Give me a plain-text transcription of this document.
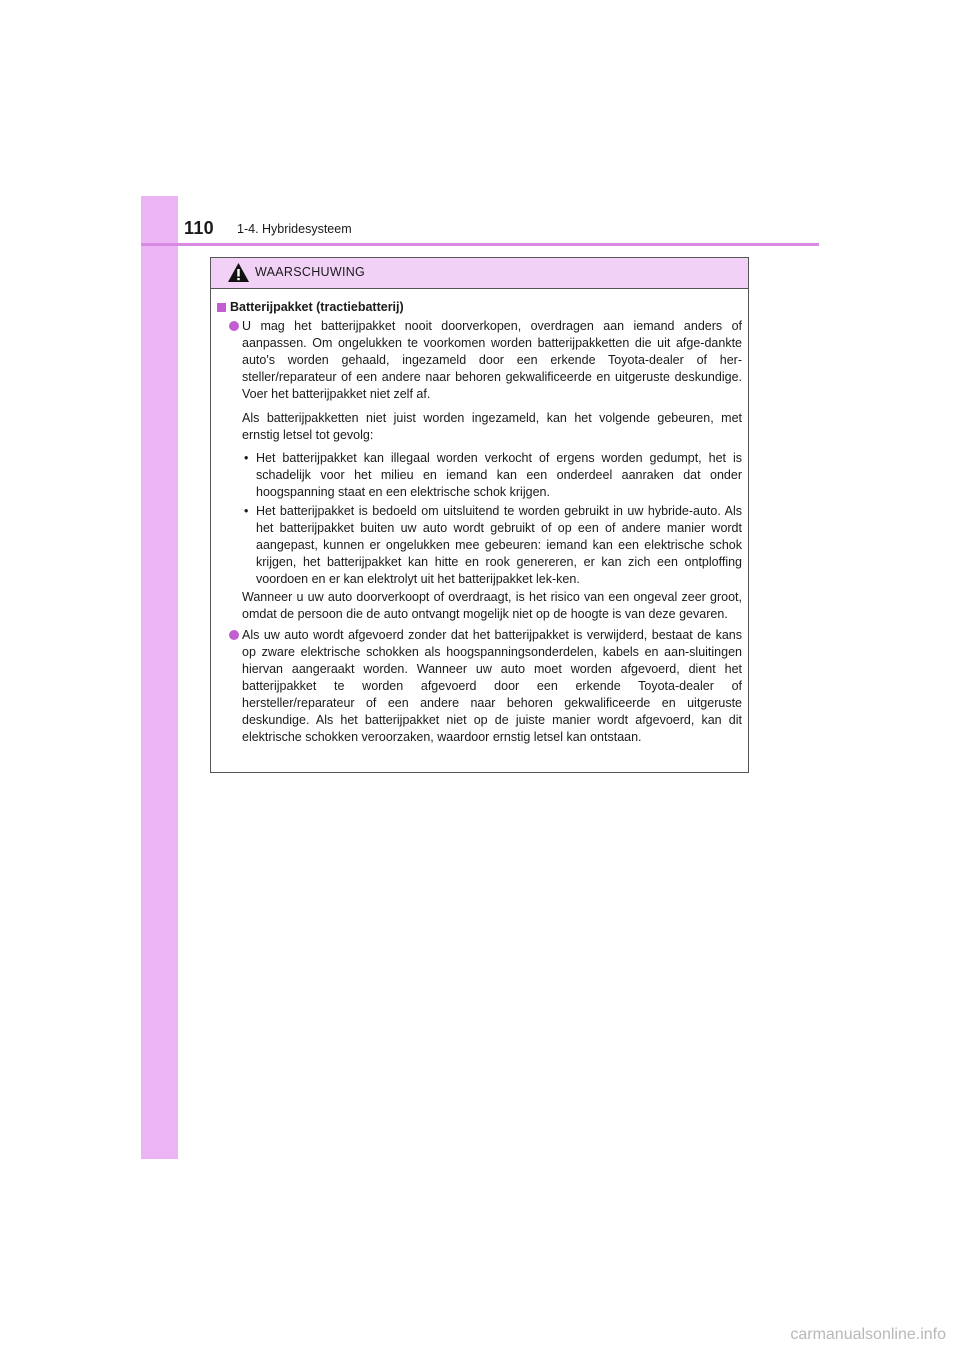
110 1-4. Hybridesysteem
WAARSCHUWING
Batterijpakket (tractiebatterij)

U mag het batterijpakket nooit doorverkopen, overdragen aan iemand anders of aanpassen. Om ongelukken te voorkomen worden batterijpakketten die uit afge-dankte auto's worden gehaald, ingezameld door een erkende Toyota-dealer of her-steller/reparateur of een andere naar behoren gekwalificeerde en uitgeruste deskundige. Voer het batterijpakket niet zelf af.

Als batterijpakketten niet juist worden ingezameld, kan het volgende gebeuren, met ernstig letsel tot gevolg:

• Het batterijpakket kan illegaal worden verkocht of ergens worden gedumpt, het is schadelijk voor het milieu en iemand kan een onderdeel aanraken dat onder hoogspanning staat en een elektrische schok krijgen.
• Het batterijpakket is bedoeld om uitsluitend te worden gebruikt in uw hybride-auto. Als het batterijpakket buiten uw auto wordt gebruikt of op een of andere manier wordt aangepast, kunnen er ongelukken mee gebeuren: iemand kan een elektrische schok krijgen, het batterijpakket kan hitte en rook genereren, er kan zich een ontploffing voordoen en er kan elektrolyt uit het batterijpakket lek-ken.

Wanneer u uw auto doorverkoopt of overdraagt, is het risico van een ongeval zeer groot, omdat de persoon die de auto ontvangt mogelijk niet op de hoogte is van deze gevaren.

Als uw auto wordt afgevoerd zonder dat het batterijpakket is verwijderd, bestaat de kans op zware elektrische schokken als hoogspanningsonderdelen, kabels en aan-sluitingen hiervan aangeraakt worden. Wanneer uw auto moet worden afgevoerd, dient het batterijpakket te worden afgevoerd door een erkende Toyota-dealer of hersteller/reparateur of een andere naar behoren gekwalificeerde en uitgeruste deskundige. Als het batterijpakket niet op de juiste manier wordt afgevoerd, kan dit elektrische schokken veroorzaken, waardoor ernstig letsel kan ontstaan.

carmanualsonline.info
